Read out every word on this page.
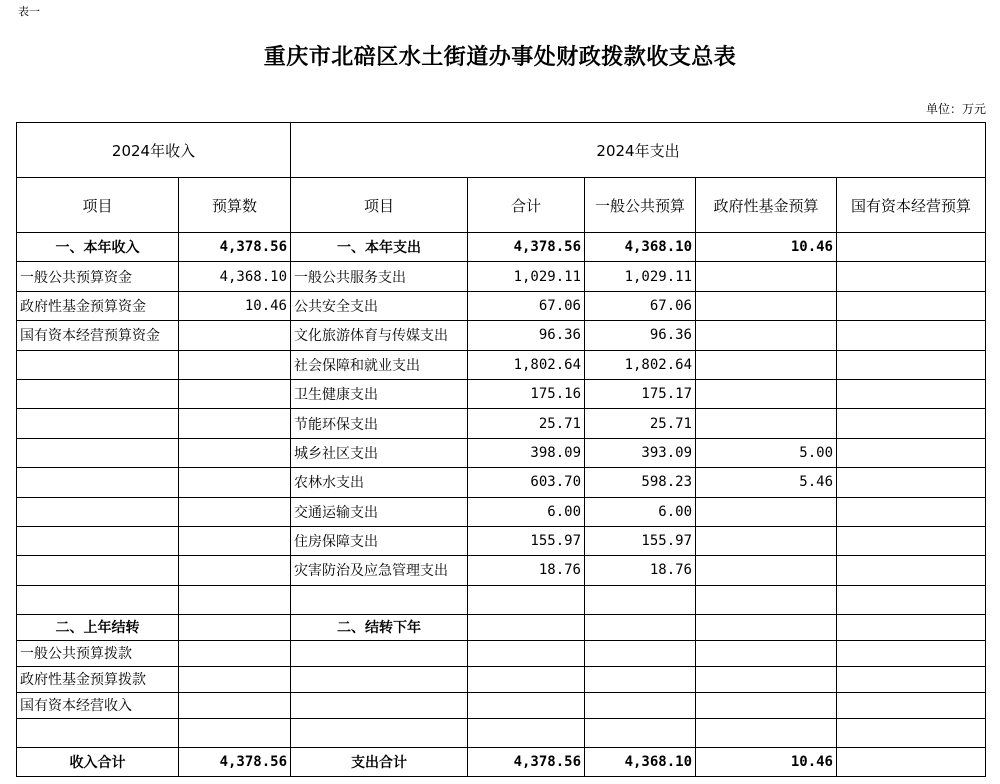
表一
重庆市北碚区水土街道办事处财政拨款收支总表
单位：万元
2024年收入		2024年支出				
项目	预算数	项目	合计	一般公共预算	政府性基金预算	国有资本经营预算
一、本年收入	4,378.56	一、本年支出	4,378.56	4,368.10	10.46	
一般公共预算资金	4,368.10	一般公共服务支出	1,029.11	1,029.11		
政府性基金预算资金	10.46	公共安全支出	67.06	67.06		
国有资本经营预算资金		文化旅游体育与传媒支出	96.36	96.36		
		社会保障和就业支出	1,802.64	1,802.64		
		卫生健康支出	175.16	175.17		
		节能环保支出	25.71	25.71		
		城乡社区支出	398.09	393.09	5.00	
		农林水支出	603.70	598.23	5.46	
		交通运输支出	6.00	6.00		
		住房保障支出	155.97	155.97		
		灾害防治及应急管理支出	18.76	18.76		

二、上年结转		二、结转下年				
一般公共预算拨款						
政府性基金预算拨款						
国有资本经营收入						

收入合计	4,378.56	支出合计	4,378.56	4,368.10	10.46	
